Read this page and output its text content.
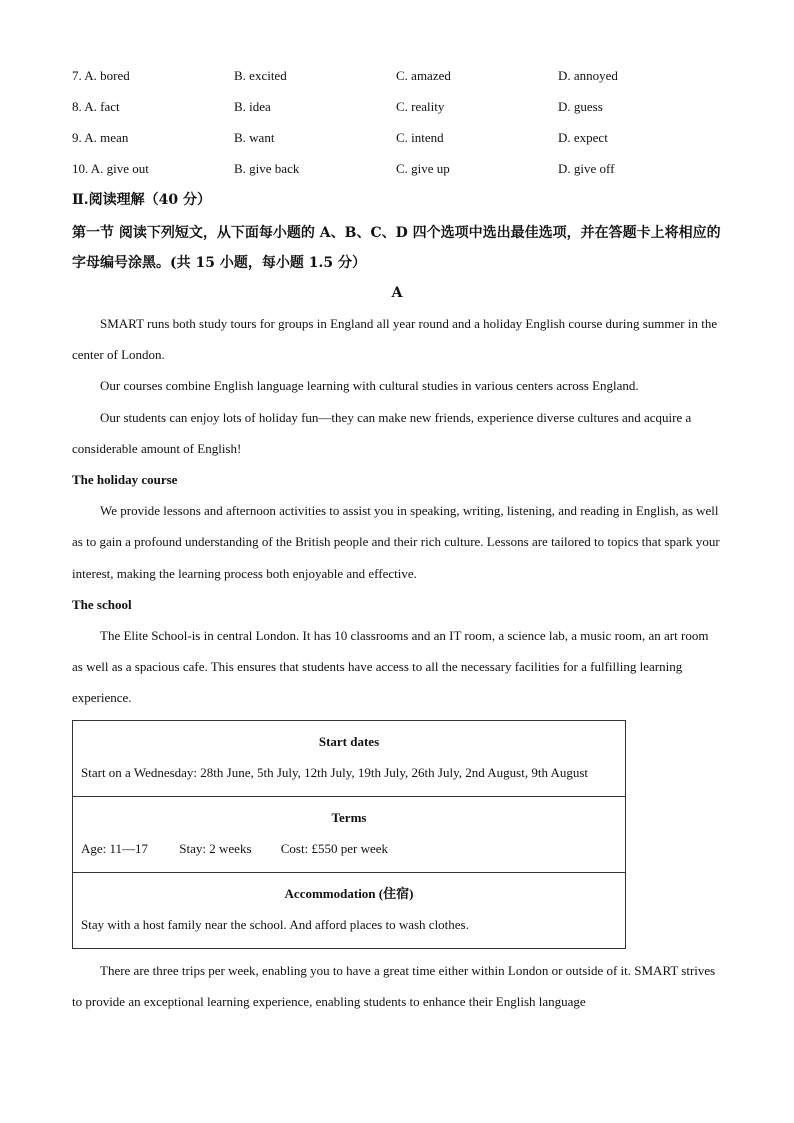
7. A. bored	B. excited	C. amazed	D. annoyed
8. A. fact	B. idea	C. reality	D. guess
9. A. mean	B. want	C. intend	D. expect
10. A. give out	B. give back	C. give up	D. give off
Ⅱ.阅读理解（40 分）
第一节 阅读下列短文，从下面每小题的 A、B、C、D 四个选项中选出最佳选项，并在答题卡上将相应的字母编号涂黑。(共 15 小题，每小题 1.5 分）
A

SMART runs both study tours for groups in England all year round and a holiday English course during summer in the center of London.

Our courses combine English language learning with cultural studies in various centers across England.

Our students can enjoy lots of holiday fun—they can make new friends, experience diverse cultures and acquire a considerable amount of English!

The holiday course

We provide lessons and afternoon activities to assist you in speaking, writing, listening, and reading in English, as well as to gain a profound understanding of the British people and their rich culture. Lessons are tailored to topics that spark your interest, making the learning process both enjoyable and effective.

The school

The Elite School-is in central London. It has 10 classrooms and an IT room, a science lab, a music room, an art room as well as a spacious cafe. This ensures that students have access to all the necessary facilities for a fulfilling learning experience.

Start dates
Start on a Wednesday: 28th June, 5th July, 12th July, 19th July, 26th July, 2nd August, 9th August

Terms
Age: 11—17 Stay: 2 weeks Cost: £550 per week

Accommodation (住宿)
Stay with a host family near the school. And afford places to wash clothes.

There are three trips per week, enabling you to have a great time either within London or outside of it. SMART strives to provide an exceptional learning experience, enabling students to enhance their English language
